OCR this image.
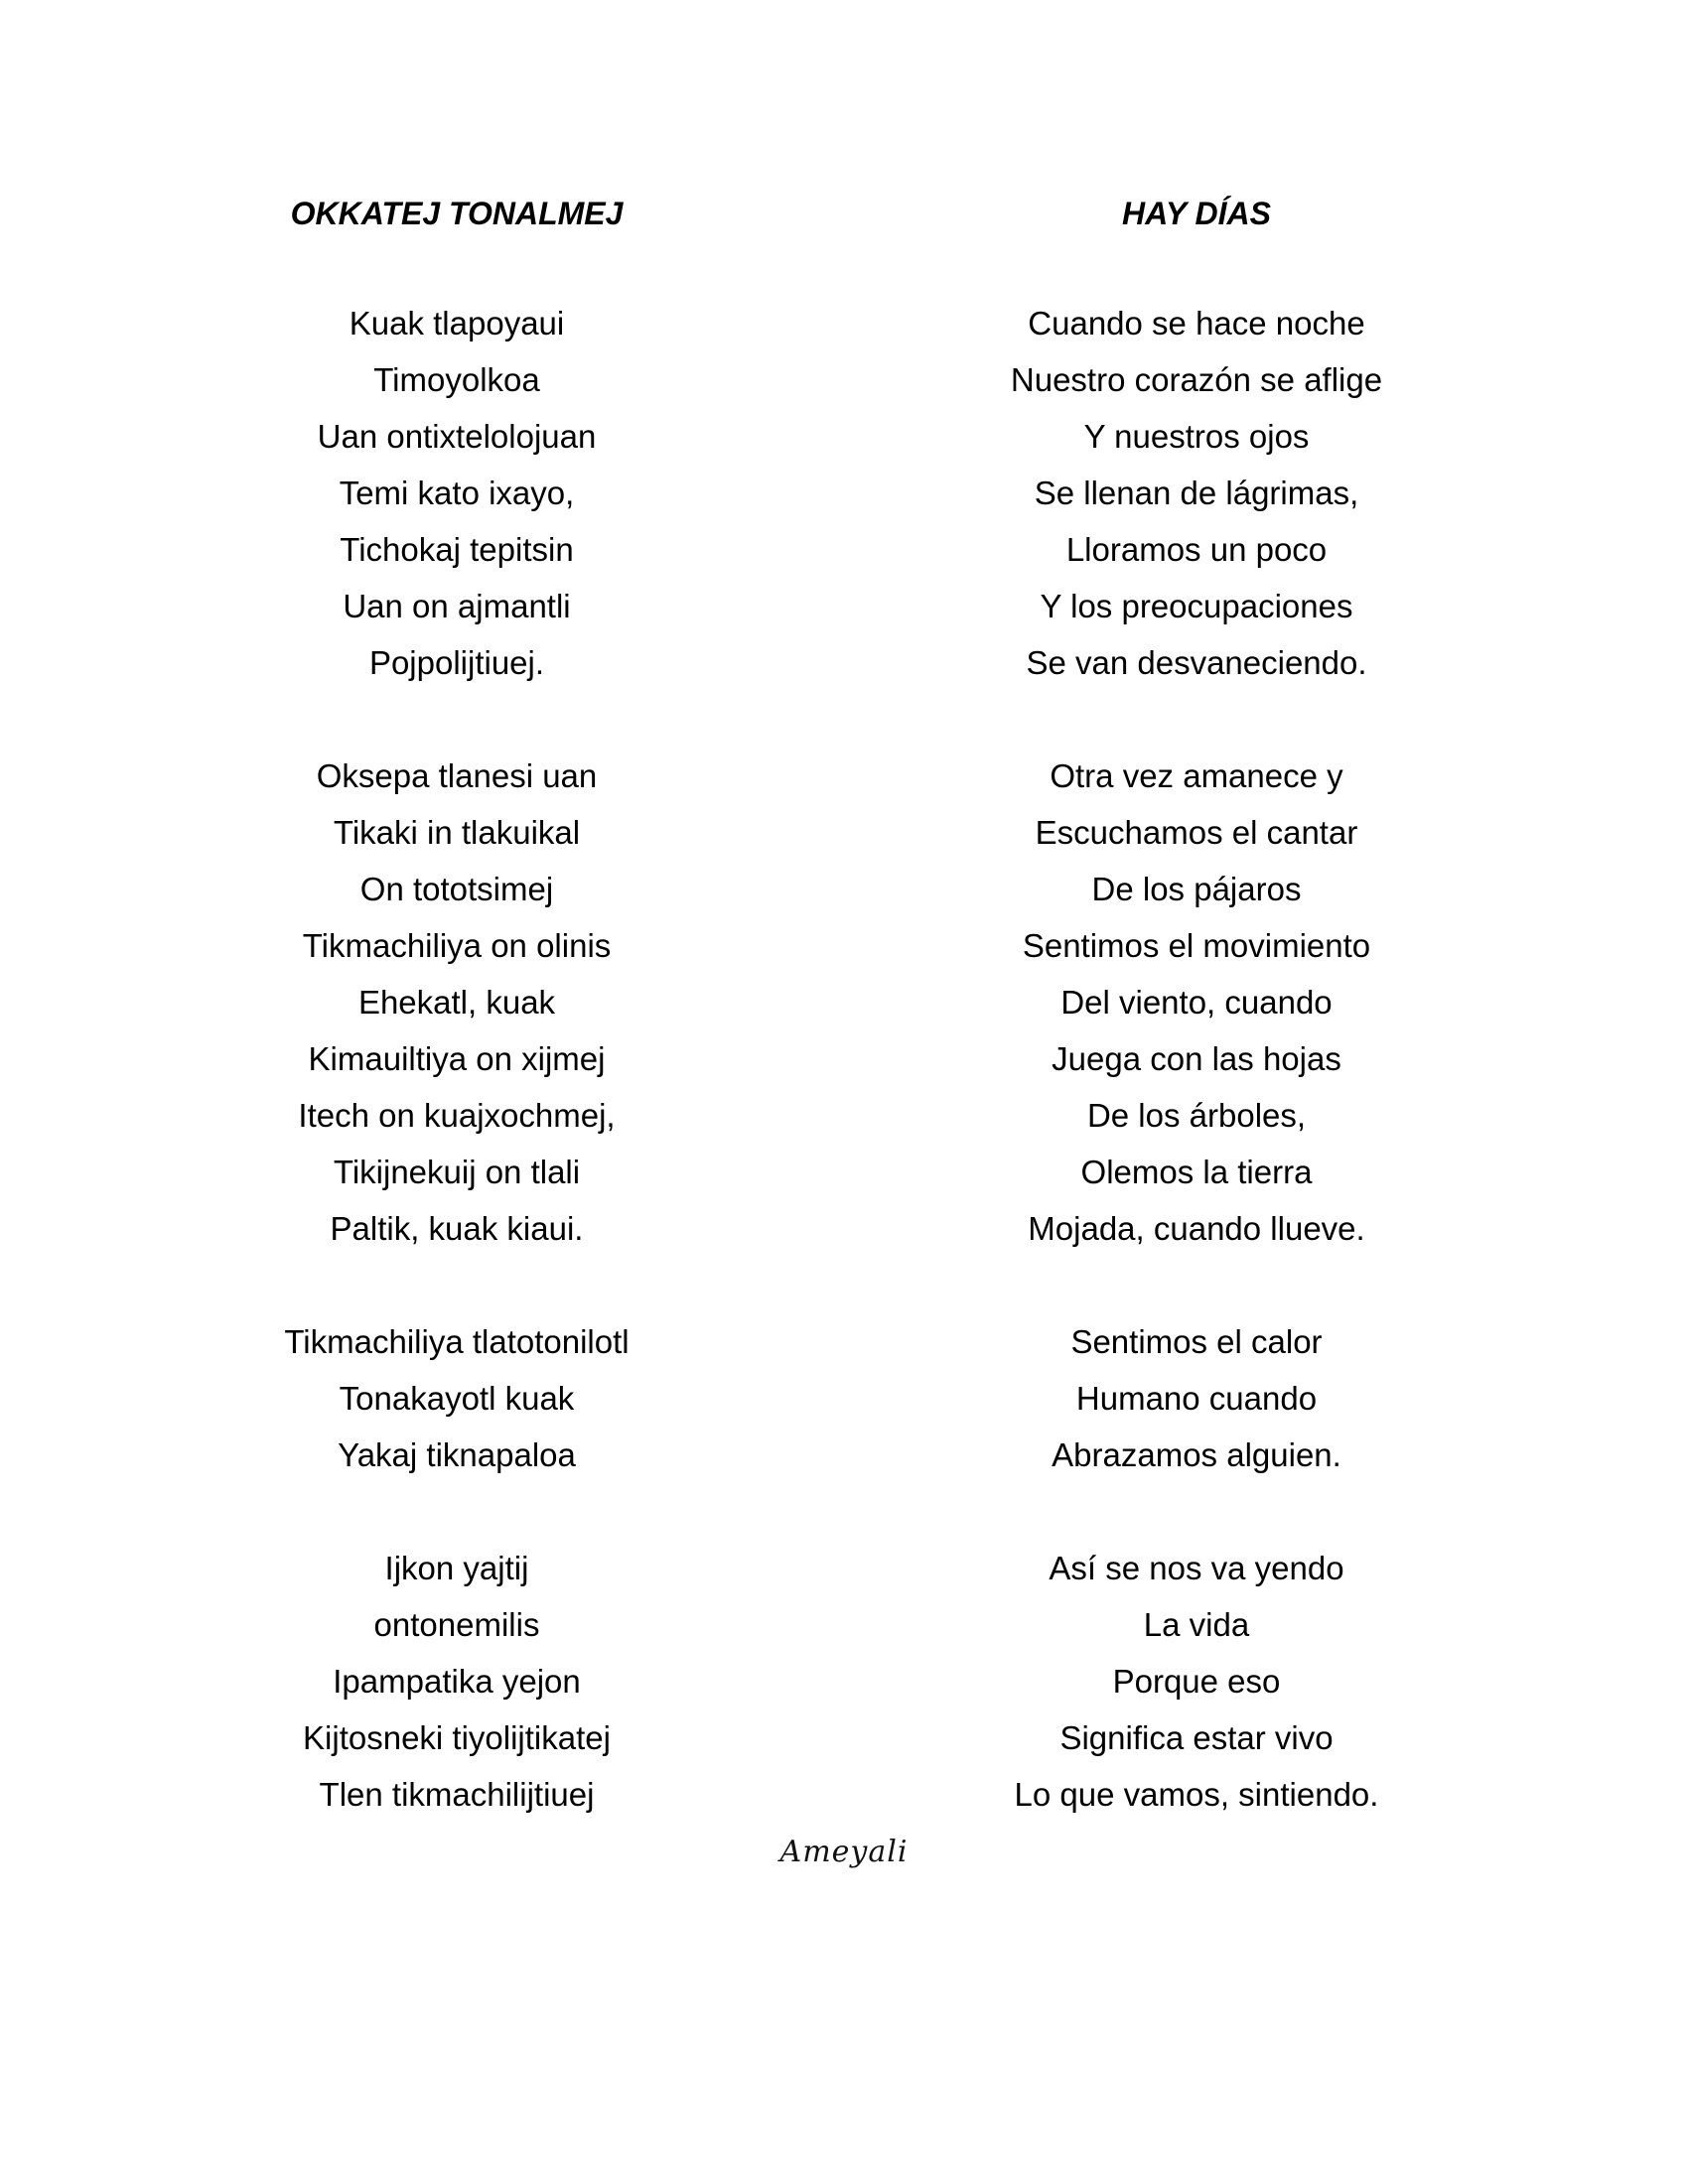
OKKATEJ TONALMEJ
Kuak tlapoyaui
Timoyolkoa
Uan ontixtelolojuan
Temi kato ixayo,
Tichokaj tepitsin
Uan on ajmantli
Pojpolijtiuej.
Oksepa tlanesi uan
Tikaki in tlakuikal
On tototsimej
Tikmachiliya on olinis
Ehekatl, kuak
Kimauiltiya on xijmej
Itech on kuajxochmej,
Tikijnekuij on tlali
Paltik, kuak kiaui.
Tikmachiliya tlatotonilotl
Tonakayotl kuak
Yakaj tiknapaloa
Ijkon yajtij
ontonemilis
Ipampatika yejon
Kijtosneki tiyolijtikatej
Tlen tikmachilijtiuej
HAY DÍAS
Cuando se hace noche
Nuestro corazón se aflige
Y nuestros ojos
Se llenan de lágrimas,
Lloramos un poco
Y los preocupaciones
Se van desvaneciendo.
Otra vez amanece y
Escuchamos el cantar
De los pájaros
Sentimos el movimiento
Del viento, cuando
Juega con las hojas
De los árboles,
Olemos la tierra
Mojada, cuando llueve.
Sentimos el calor
Humano cuando
Abrazamos alguien.
Así se nos va yendo
La vida
Porque eso
Significa estar vivo
Lo que vamos, sintiendo.
Ameyali
